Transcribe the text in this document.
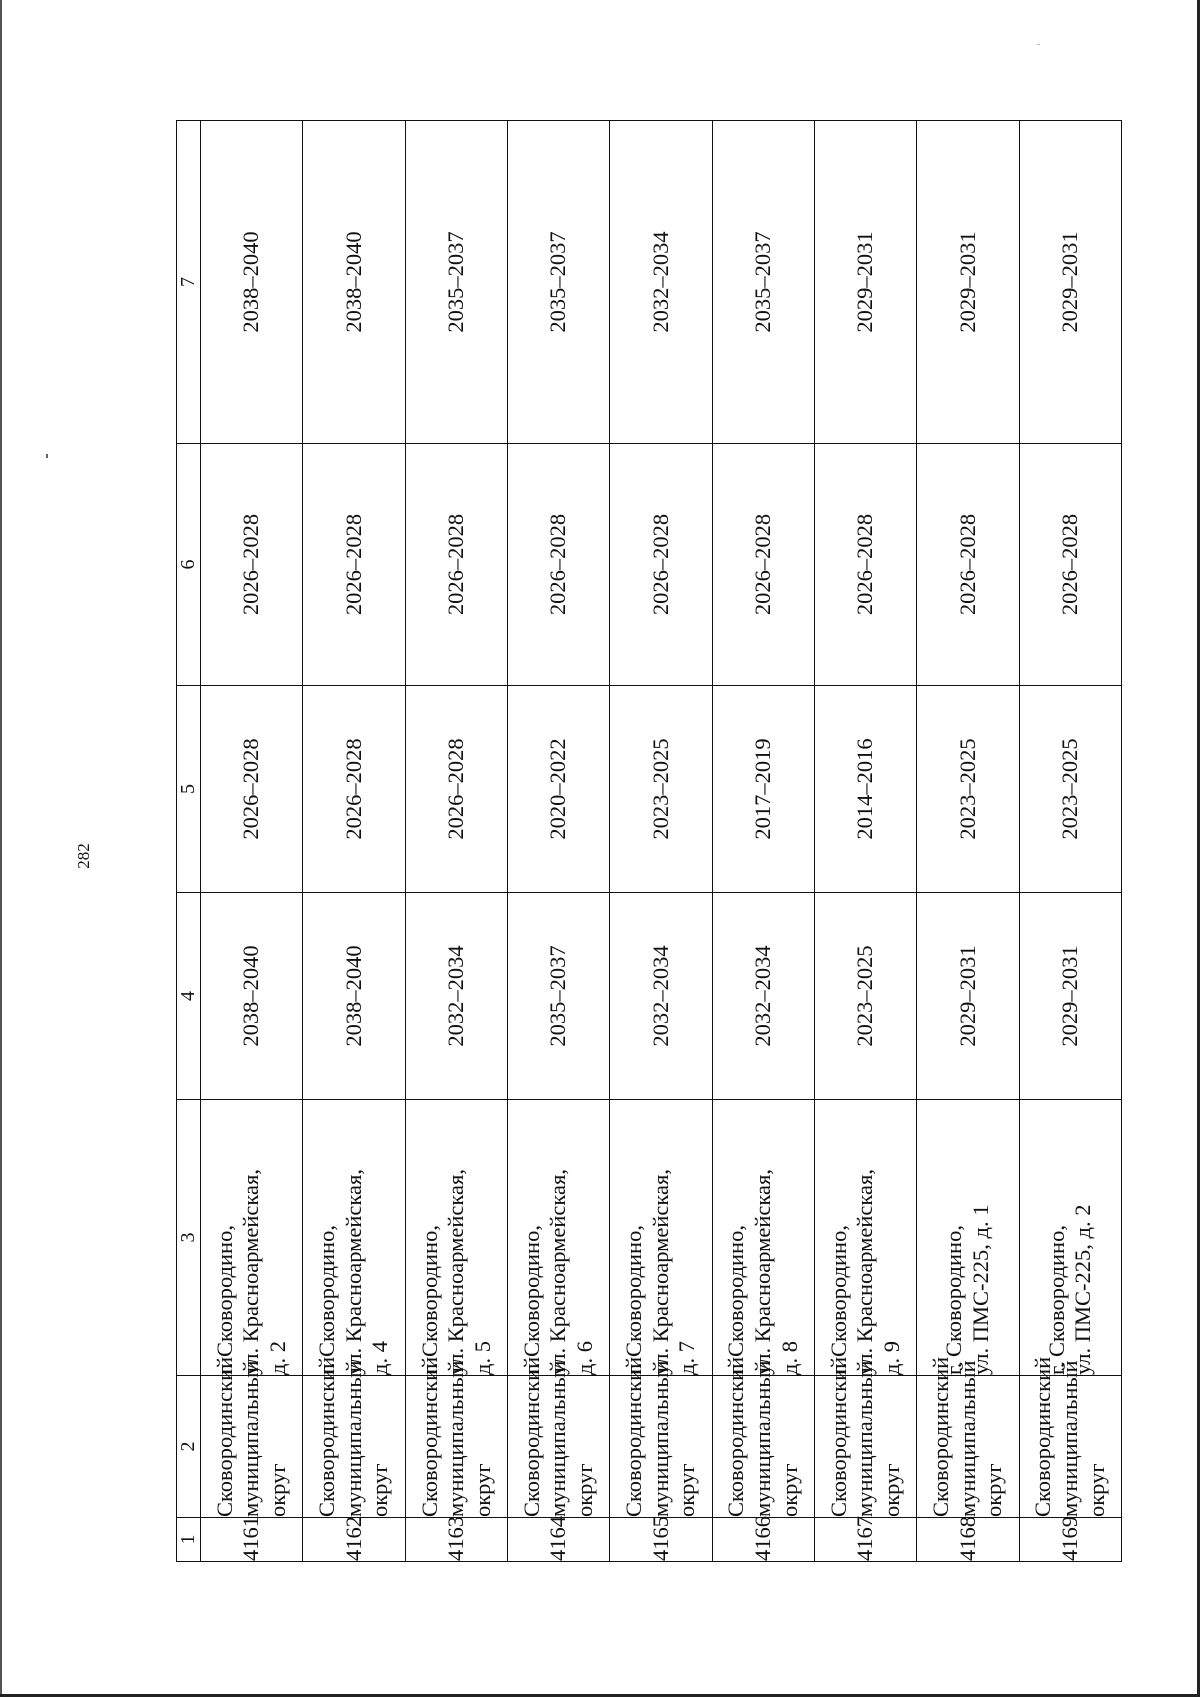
282
1	2	3	4	5	6	7
4161	Сковородинский муниципальный округ	г. Сковородино, ул. Красноармейская, д. 2	2038–2040	2026–2028	2026–2028	2038–2040
4162	Сковородинский муниципальный округ	г. Сковородино, ул. Красноармейская, д. 4	2038–2040	2026–2028	2026–2028	2038–2040
4163	Сковородинский муниципальный округ	г. Сковородино, ул. Красноармейская, д. 5	2032–2034	2026–2028	2026–2028	2035–2037
4164	Сковородинский муниципальный округ	г. Сковородино, ул. Красноармейская, д. 6	2035–2037	2020–2022	2026–2028	2035–2037
4165	Сковородинский муниципальный округ	г. Сковородино, ул. Красноармейская, д. 7	2032–2034	2023–2025	2026–2028	2032–2034
4166	Сковородинский муниципальный округ	г. Сковородино, ул. Красноармейская, д. 8	2032–2034	2017–2019	2026–2028	2035–2037
4167	Сковородинский муниципальный округ	г. Сковородино, ул. Красноармейская, д. 9	2023–2025	2014–2016	2026–2028	2029–2031
4168	Сковородинский муниципальный округ	г. Сковородино, ул. ПМС-225, д. 1	2029–2031	2023–2025	2026–2028	2029–2031
4169	Сковородинский муниципальный округ	г. Сковородино, ул. ПМС-225, д. 2	2029–2031	2023–2025	2026–2028	2029–2031
